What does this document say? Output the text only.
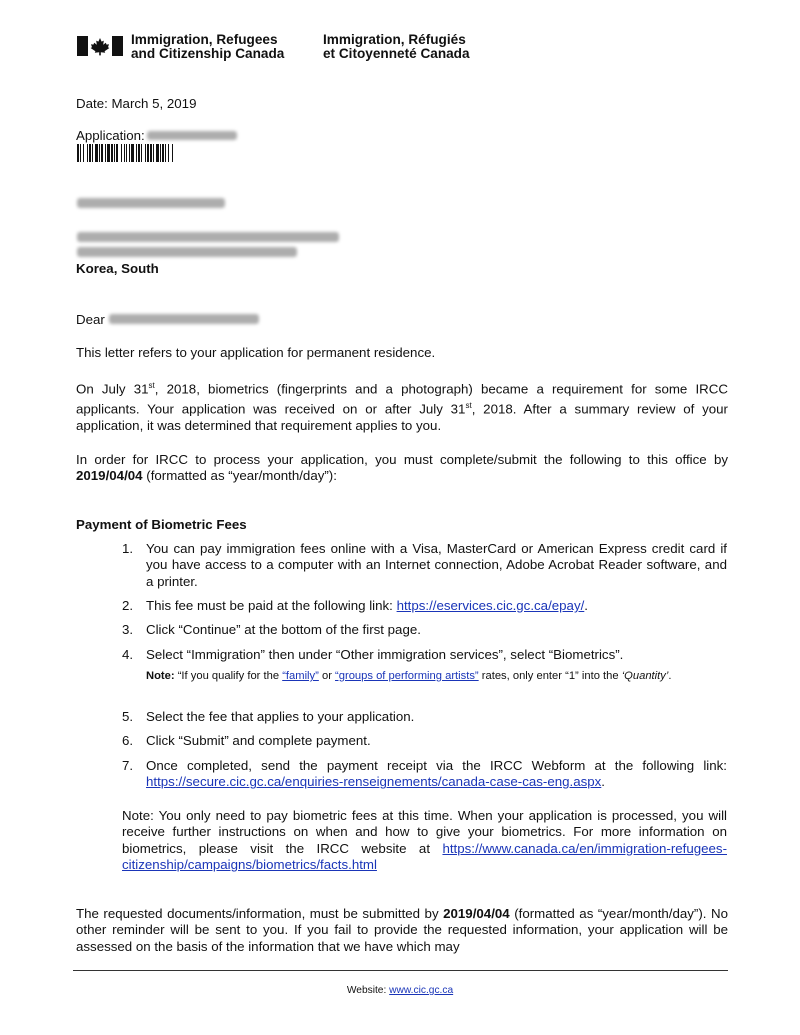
Immigration, Refugees
and Citizenship Canada
Immigration, Réfugiés
et Citoyenneté Canada
Date: March 5, 2019
Application:
Korea, South
Dear
This letter refers to your application for permanent residence.
On July 31st, 2018, biometrics (fingerprints and a photograph) became a requirement for some IRCC applicants. Your application was received on or after July 31st, 2018. After a summary review of your application, it was determined that requirement applies to you.
In order for IRCC to process your application, you must complete/submit the following to this office by 2019/04/04 (formatted as “year/month/day”):
Payment of Biometric Fees
1. You can pay immigration fees online with a Visa, MasterCard or American Express credit card if you have access to a computer with an Internet connection, Adobe Acrobat Reader software, and a printer.
2. This fee must be paid at the following link: https://eservices.cic.gc.ca/epay/.
3. Click “Continue” at the bottom of the first page.
4. Select “Immigration” then under “Other immigration services”, select “Biometrics”.
Note: “If you qualify for the “family” or “groups of performing artists” rates, only enter “1” into the ‘Quantity’.
5. Select the fee that applies to your application.
6. Click “Submit” and complete payment.
7. Once completed, send the payment receipt via the IRCC Webform at the following link: https://secure.cic.gc.ca/enquiries-renseignements/canada-case-cas-eng.aspx.
Note: You only need to pay biometric fees at this time. When your application is processed, you will receive further instructions on when and how to give your biometrics. For more information on biometrics, please visit the IRCC website at https://www.canada.ca/en/immigration-refugees-citizenship/campaigns/biometrics/facts.html
The requested documents/information, must be submitted by 2019/04/04 (formatted as “year/month/day”). No other reminder will be sent to you. If you fail to provide the requested information, your application will be assessed on the basis of the information that we have which may
Website: www.cic.gc.ca
